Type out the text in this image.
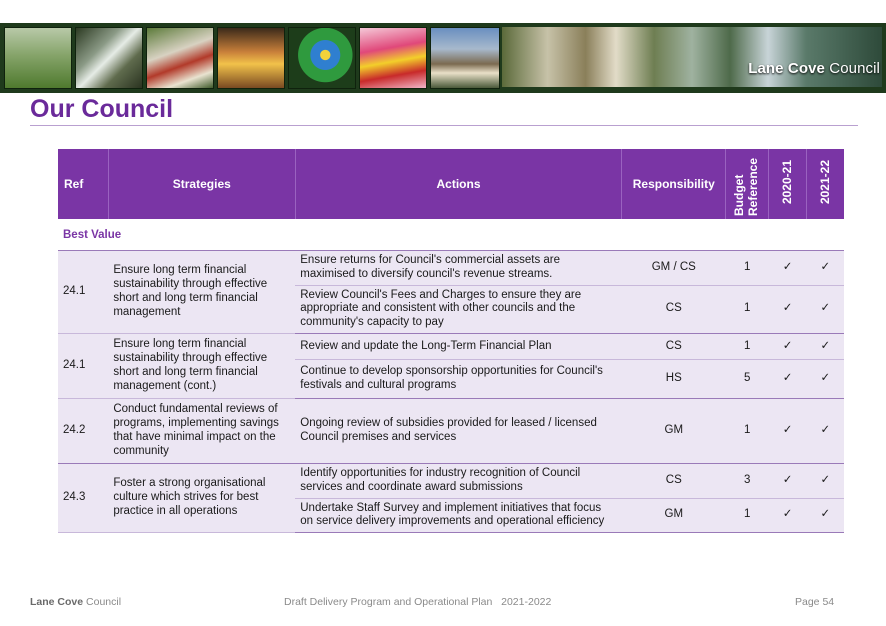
Lane Cove Council
Our Council
Ref	Strategies	Actions	Responsibility	Budget Reference	2020-21	2021-22
Best Value						
24.1	Ensure long term financial sustainability through effective short and long term financial management	Ensure returns for Council's commercial assets are maximised to diversify council's revenue streams.	GM / CS	1	✓	✓
		Review Council's Fees and Charges to ensure they are appropriate and consistent with other councils and the community's capacity to pay	CS	1	✓	✓
24.1	Ensure long term financial sustainability through effective short and long term financial management (cont.)	Review and update the Long-Term Financial Plan	CS	1	✓	✓
		Continue to develop sponsorship opportunities for Council's festivals and cultural programs	HS	5	✓	✓
24.2	Conduct fundamental reviews of programs, implementing savings that have minimal impact on the community	Ongoing review of subsidies provided for leased / licensed Council premises and services	GM	1	✓	✓
24.3	Foster a strong organisational culture which strives for best practice in all operations	Identify opportunities for industry recognition of Council services and coordinate award submissions	CS	3	✓	✓
		Undertake Staff Survey and implement initiatives that focus on service delivery improvements and operational efficiency	GM	1	✓	✓
Lane Cove Council	Draft Delivery Program and Operational Plan 2021-2022	Page 54
